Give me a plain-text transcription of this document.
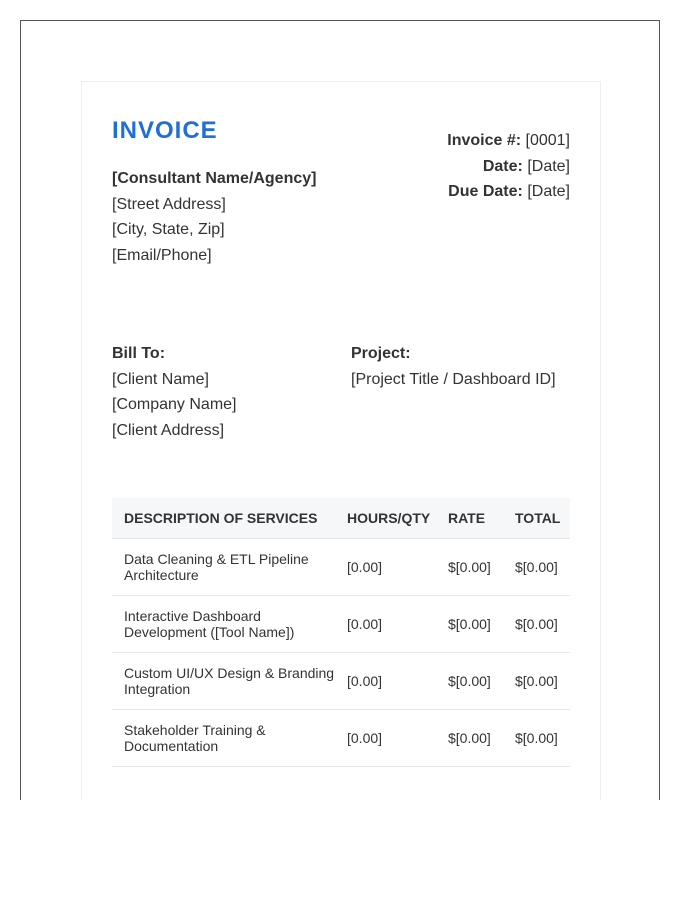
INVOICE
[Consultant Name/Agency]
[Street Address]
[City, State, Zip]
[Email/Phone]
Invoice #: [0001]
Date: [Date]
Due Date: [Date]
Bill To:
[Client Name]
[Company Name]
[Client Address]
Project:
[Project Title / Dashboard ID]
DESCRIPTION OF SERVICES	HOURS/QTY	RATE	TOTAL
Data Cleaning & ETL Pipeline Architecture	[0.00]	$[0.00]	$[0.00]
Interactive Dashboard Development ([Tool Name])	[0.00]	$[0.00]	$[0.00]
Custom UI/UX Design & Branding Integration	[0.00]	$[0.00]	$[0.00]
Stakeholder Training & Documentation	[0.00]	$[0.00]	$[0.00]
